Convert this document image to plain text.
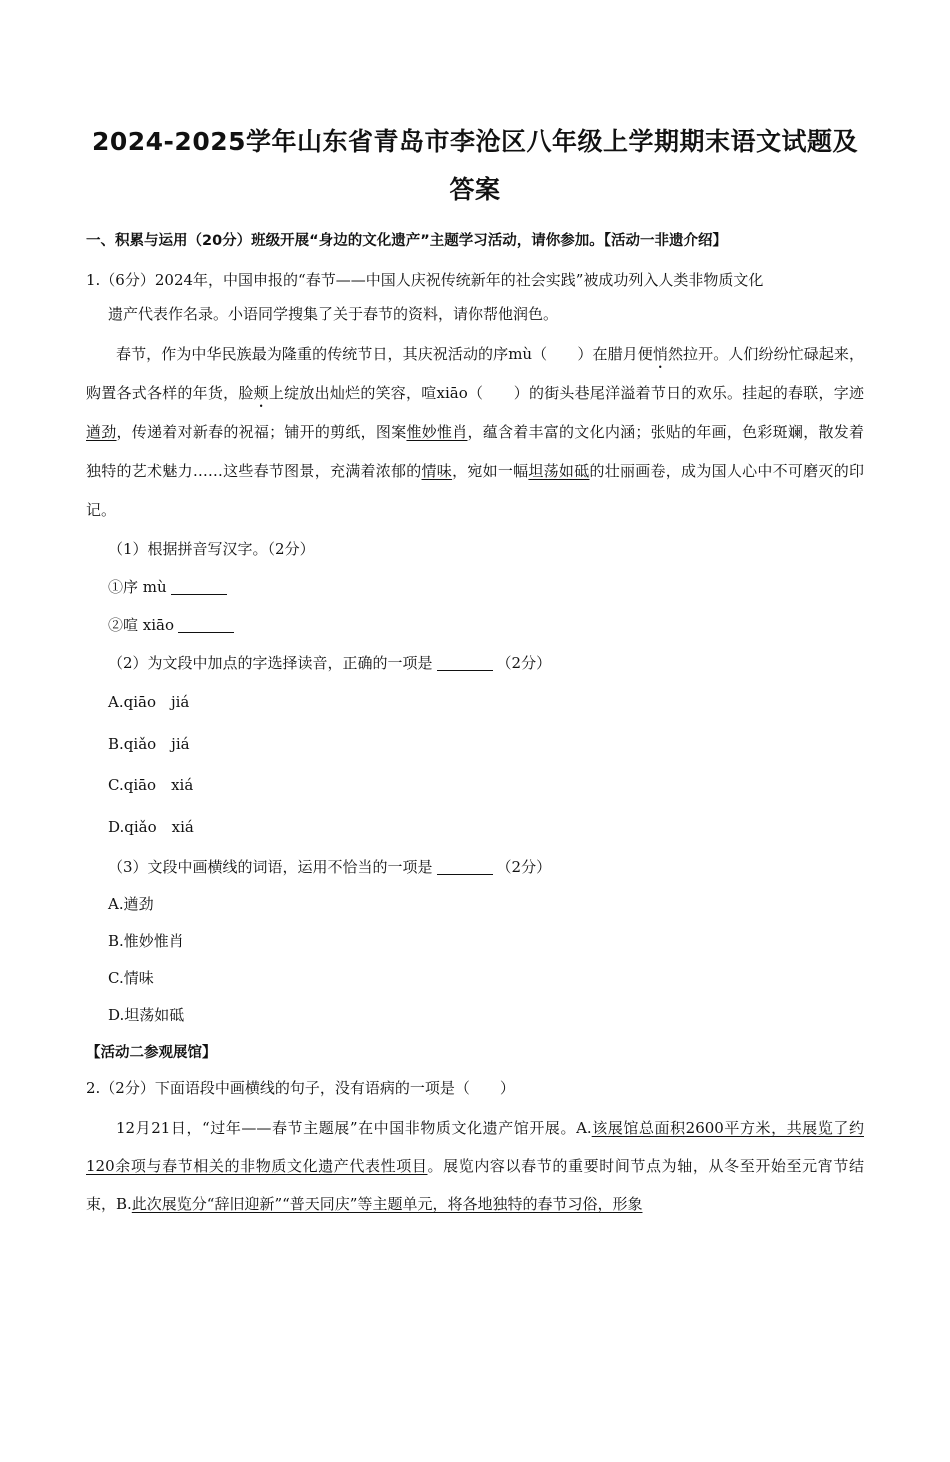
2024-2025学年山东省青岛市李沧区八年级上学期期末语文试题及答案
一、积累与运用（20分）班级开展“身边的文化遗产”主题学习活动，请你参加。【活动一非遗介绍】
1.（6分）2024年，中国申报的“春节——中国人庆祝传统新年的社会实践”被成功列入人类非物质文化
遗产代表作名录。小语同学搜集了关于春节的资料，请你帮他润色。
春节，作为中华民族最为隆重的传统节日，其庆祝活动的序mù（　　）在腊月便悄然拉开。人们纷纷忙碌起来，购置各式各样的年货，脸颊上绽放出灿烂的笑容，喧xiāo（　　）的街头巷尾洋溢着节日的欢乐。挂起的春联，字迹遒劲，传递着对新春的祝福；铺开的剪纸，图案惟妙惟肖，蕴含着丰富的文化内涵；张贴的年画，色彩斑斓，散发着独特的艺术魅力……这些春节图景，充满着浓郁的情味，宛如一幅坦荡如砥的壮丽画卷，成为国人心中不可磨灭的印记。
（1）根据拼音写汉字。（2分）
①序 mù
②喧 xiāo
（2）为文段中加点的字选择读音，正确的一项是	（2分）
A.qiāo　jiá
B.qiǎo　jiá
C.qiāo　xiá
D.qiǎo　xiá
（3）文段中画横线的词语，运用不恰当的一项是	（2分）
A.遒劲
B.惟妙惟肖
C.情味
D.坦荡如砥
【活动二参观展馆】
2.（2分）下面语段中画横线的句子，没有语病的一项是（　　）
12月21日，“过年——春节主题展”在中国非物质文化遗产馆开展。A.该展馆总面积2600平方米，共展览了约120余项与春节相关的非物质文化遗产代表性项目。展览内容以春节的重要时间节点为轴，从冬至开始至元宵节结束，B.此次展览分“辞旧迎新”“普天同庆”等主题单元，将各地独特的春节习俗，形象
